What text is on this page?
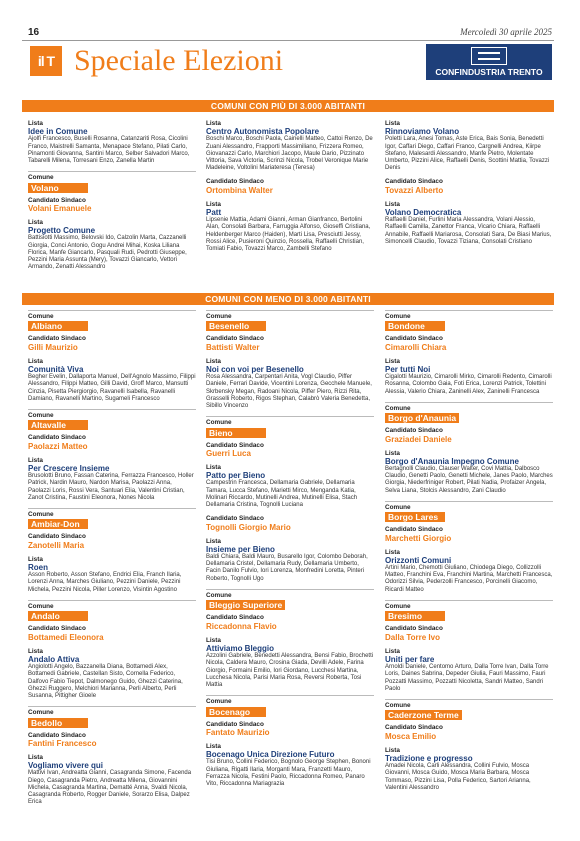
16	Mercoledì 30 aprile 2025
il T Speciale Elezioni	CONFINDUSTRIA TRENTO
COMUNI CON PIÙ DI 3.000 ABITANTI
Lista
Idee in Comune
Ajolfi Francesco, Buselli Rosanna, Catanzariti Rosa, Cicolini Franco, Maistrelli Samanta, Menapace Stefano, Pilati Carlo, Pinamonti Giovanna, Santini Marco, Selber Salvadori Marco, Tabarelli Milena, Torresani Enzo, Zanella Martin
Comune
Volano
Candidato Sindaco
Volani Emanuele
Lista
Progetto Comune
Battisiotti Massimo, Belovski Ido, Calzolin Marta, Cazzanelli Giorgia, Conci Antonio, Gogu Andrei Mihai, Koska Liliana Florica, Manfe Giancarlo, Pasquali Rudi, Pedrotti Giuseppe, Pezzini Maria Assunta (Mery), Tovazzi Giancarlo, Vettori Armando, Zenatti Alessandro
Lista
Centro Autonomista Popolare
Boschi Marco, Boschi Paola, Cainelli Matteo, Cattoi Renzo, De Zuani Alessandro, Frapporti Massimiliano, Frizzera Romeo, Giovanazzi Carlo, Marchiori Jacopo, Maule Dario, Pizzinato Vittoria, Sava Victoria, Scrinzi Nicola, Trobel Veronique Marie Madeleine, Voltolini Mariateresa (Teresa)
Candidato Sindaco
Ortombina Walter
Lista
Patt
Lipsenie Mattia, Adami Gianni, Arman Gianfranco, Bertolini Alan, Consolati Barbara, Farruggia Alfonso, Gioseffi Cristiana, Heldenberger Marco (Haiden), Marti Lisa, Presciutti Jessy, Rossi Alice, Pusieroni Quinzio, Rossella, Raffaelli Christian, Tomiati Fabio, Tovazzi Marco, Zambelli Stefano
Lista
Rinnoviamo Volano
Poletti Lara, Anesi Tomas, Aste Erica, Bais Sonia, Benedetti Igor, Caffari Diego, Caffari Franco, Cargnelli Andrea, Kiirpe Stefano, Malesardi Alessandro, Manfe Pietro, Molentate Umberto, Pizzini Alice, Raffaelli Denis, Scottini Mattia, Tovazzi Denis
Candidato Sindaco
Tovazzi Alberto
Lista
Volano Democratica
Raffaelli Daniel, Furlini Maria Alessandra, Volani Alessio, Raffaelli Camilla, Zanettor Franca, Vicario Chiara, Raffaelli Annabile, Raffaelli Mariarosa, Consolati Sara, De Biasi Marius, Simoncelli Claudio, Tovazzi Tiziana, Consolati Cristiano
COMUNI CON MENO DI 3.000 ABITANTI
Comune
Albiano
Candidato Sindaco
Gilli Maurizio
Lista
Comunità Viva
Begher Evelin, Dallaporta Manuel, Dell'Agnolo Massimo, Filippi Alessandro, Filippi Matteo, Gilli David, Groff Marco, Mansutti Cinzia, Pisetta Piergiorgio, Ravanelli Isabella, Ravanelli Damiano, Ravanelli Martino, Sugameli Francesco
Comune
Altavalle
Candidato Sindaco
Paolazzi Matteo
Lista
Per Crescere Insieme
Brusolotti Bruno, Fassan Caterina, Ferrazza Francesco, Holler Patrick, Nardin Mauro, Nardon Marisa, Paolazzi Anna, Paolazzi Loris, Rossi Vera, Santuari Elia, Valentini Cristian, Zanot Cristina, Faustini Eleonora, Nones Nicola
Comune
Ambiar-Don
Candidato Sindaco
Zanotelli Maria
Lista
Roen
Asson Roberto, Asson Stefano, Endrici Elia, Franch Ilaria, Lorenzi Anna, Marches Giuliano, Pezzini Daniele, Pezzini Michela, Pezzini Nicola, Piller Lorenzo, Visintin Agostino
Comune
Andalo
Candidato Sindaco
Bottamedi Eleonora
Lista
Andalo Attiva
Angiolotti Angelo, Bazzanella Diana, Bottamedi Alex, Bottamedi Gabriele, Castellan Sisto, Cornella Federico, Dalfovo Fabio Tiepot, Dalmonego Guido, Ghezzi Caterina, Ghezzi Ruggero, Melchiori Marianna, Perli Alberto, Perli Susanna, Pittigher Gioele
Comune
Bedollo
Candidato Sindaco
Fantini Francesco
Lista
Vogliamo vivere qui
Mattivi Ivan, Andreatta Gianni, Casagranda Simone, Facenda Diego, Casagranda Pietro, Andreatta Milena, Giovannini Michela, Casagranda Martina, Dematté Anna, Svaldi Nicola, Casagranda Roberto, Rogger Daniele, Sorarzo Elisa, Dalpez Erica
Comune
Besenello
Candidato Sindaco
Battisti Walter
Lista
Noi con voi per Besenello
Rosa Alessandra, Carpentari Anita, Vogl Claudio, Piffer Daniele, Ferrari Davide, Vicentini Lorenza, Gecchele Manuele, Skrbensky Megan, Radoani Nicola, Piffer Piero, Rizzi Rita, Grasselli Roberto, Rigos Stephan, Calabrò Valeria Benedetta, Sibillo Vincenzo
Comune
Bieno
Candidato Sindaco
Guerri Luca
Lista
Patto per Bieno
Campestrin Francesca, Dellamaria Gabriele, Dellamaria Tamara, Lucca Stefano, Marietti Mirco, Menganda Katia, Molinari Riccardo, Mutinelli Andrea, Mutinelli Elisa, Stach Dellamaria Cristina, Tognolli Luciana
Candidato Sindaco
Tognolli Giorgio Mario
Lista
Insieme per Bieno
Baldi Chiara, Baldi Mauro, Busarello Igor, Colombo Deborah, Dellamaria Cristel, Dellamaria Rudy, Dellamaria Umberto, Facin Danilo Fulvio, Iori Lorenza, Monfredini Loretta, Pinteri Roberto, Tognolli Ugo
Comune
Bleggio Superiore
Candidato Sindaco
Riccadonna Flavio
Lista
Attiviamo Bleggio
Azzolini Gabriele, Benedetti Alessandra, Bensi Fabio, Brochetti Nicola, Caldera Mauro, Crosina Giada, Devilli Adele, Farina Giorgio, Formaini Emilio, Iori Giordano, Lucchesi Martina, Lucchesa Nicola, Parisi Maria Rosa, Reversi Roberta, Tosi Mattia
Comune
Bocenago
Candidato Sindaco
Fantato Maurizio
Lista
Bocenago Unica Direzione Futuro
Tisi Bruno, Collini Federico, Bognolo George Stephen, Bononi Giuliana, Rigatti Ilaria, Morganti Mara, Franzetti Mauro, Ferrazza Nicola, Festini Paolo, Riccadonna Romeo, Panaro Vito, Riccadonna Mariagrazia
Comune
Bondone
Candidato Sindaco
Cimarolli Chiara
Lista
Per tutti Noi
Cigalotti Maurizio, Cimarolli Mirko, Cimarolli Redento, Cimarolli Rosanna, Colombo Gaia, Foti Erica, Lorenzi Patrick, Tolettini Alessia, Valerio Chiara, Zaninelli Alex, Zaninelli Francesca
Comune
Borgo d'Anaunia
Candidato Sindaco
Graziadei Daniele
Lista
Borgo d'Anaunia Impegno Comune
Bertagnolli Claudio, Clauser Walter, Covi Mattia, Dalbosco Claudio, Genetti Paolo, Genetti Michele, Janes Paolo, Marches Giorgia, Niederfriniger Robert, Pilati Nadia, Profaizer Angela, Selva Liana, Stolcis Alessandro, Zani Claudio
Comune
Borgo Lares
Candidato Sindaco
Marchetti Giorgio
Lista
Orizzonti Comuni
Artini Mario, Chemotti Giuliano, Chiodega Diego, Collizzolli Matteo, Franchini Eva, Franchini Martina, Marchetti Francesca, Odorizzi Silvia, Pederzolli Francesco, Porcinelli Giacomo, Ricardi Matteo
Comune
Bresimo
Candidato Sindaco
Dalla Torre Ivo
Lista
Uniti per fare
Arnoldi Daniele, Centomo Arturo, Dalla Torre Ivan, Dalla Torre Loris, Daines Sabrina, Depeder Giulia, Fauri Massimo, Fauri Pozzatti Massimo, Pozzatti Nicoletta, Sandri Matteo, Sandri Paolo
Comune
Caderzone Terme
Candidato Sindaco
Mosca Emilio
Lista
Tradizione e progresso
Amadei Nicola, Carli Alessandra, Collini Fulvio, Mosca Giovanni, Mosca Guido, Mosca Maria Barbara, Mosca Tommaso, Pizzini Lisa, Polla Federico, Sartori Arianna, Valentini Alessandro
